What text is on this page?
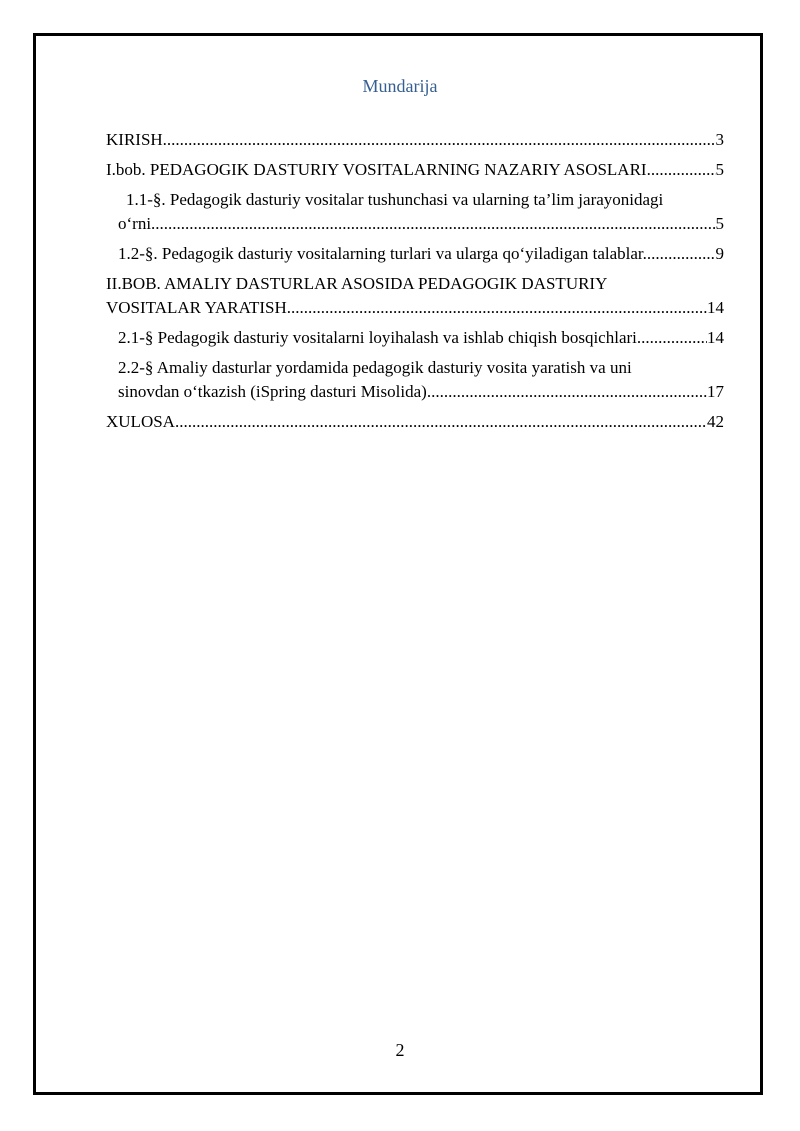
Mundarija
KIRISH .....	3
I.bob. PEDAGOGIK DASTURIY VOSITALARNING NAZARIY ASOSLARI. .....	5
1.1-§. Pedagogik dasturiy vositalar tushunchasi va ularning ta’lim jarayonidagi
o‘rni .....	5
1.2-§. Pedagogik dasturiy vositalarning turlari va ularga qo‘yiladigan talablar. .....	9
II.BOB. AMALIY DASTURLAR ASOSIDA PEDAGOGIK DASTURIY
VOSITALAR YARATISH .....	14
2.1-§ Pedagogik dasturiy vositalarni loyihalash va ishlab chiqish bosqichlari. .....	14
2.2-§ Amaliy dasturlar yordamida pedagogik dasturiy vosita yaratish va uni
sinovdan o‘tkazish (iSpring dasturi Misolida) .....	17
XULOSA .....	42
2
